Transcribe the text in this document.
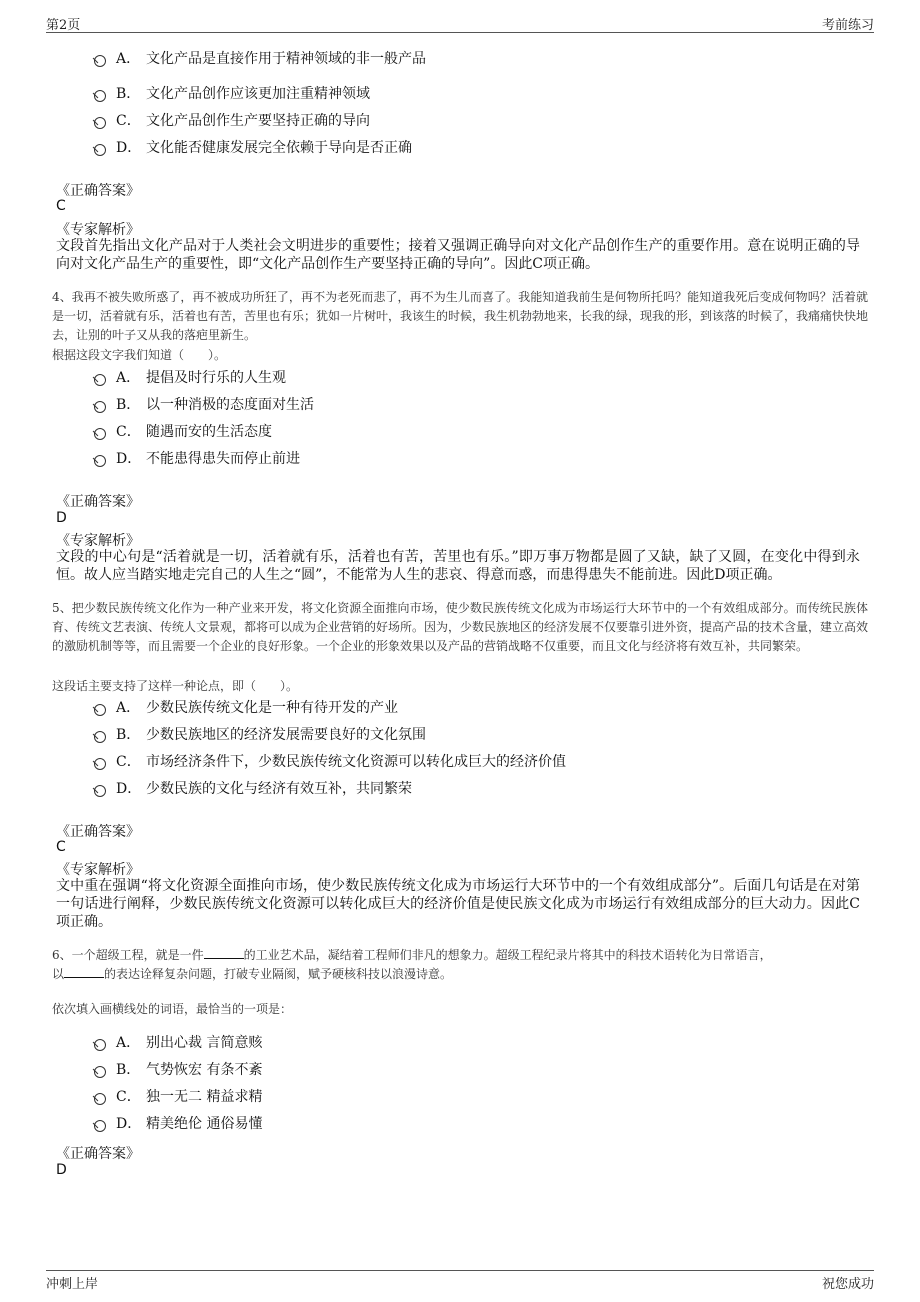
第2页	考前练习
A． 文化产品是直接作用于精神领域的非一般产品
B． 文化产品创作应该更加注重精神领域
C． 文化产品创作生产要坚持正确的导向
D． 文化能否健康发展完全依赖于导向是否正确
《正确答案》
C
《专家解析》
文段首先指出文化产品对于人类社会文明进步的重要性；接着又强调正确导向对文化产品创作生产的重要作用。意在说明正确的导向对文化产品生产的重要性，即“文化产品创作生产要坚持正确的导向”。因此C项正确。
4、我再不被失败所惑了，再不被成功所狂了，再不为老死而悲了，再不为生儿而喜了。我能知道我前生是何物所托吗？能知道我死后变成何物吗？活着就是一切，活着就有乐，活着也有苦，苦里也有乐；犹如一片树叶，我该生的时候，我生机勃勃地来，长我的绿，现我的形，到该落的时候了，我痛痛快快地去，让别的叶子又从我的落疤里新生。
根据这段文字我们知道（　　）。
A． 提倡及时行乐的人生观
B． 以一种消极的态度面对生活
C． 随遇而安的生活态度
D． 不能患得患失而停止前进
《正确答案》
D
《专家解析》
文段的中心句是“活着就是一切，活着就有乐，活着也有苦，苦里也有乐。”即万事万物都是圆了又缺，缺了又圆，在变化中得到永恒。故人应当踏实地走完自己的人生之“圆”，不能常为人生的悲哀、得意而惑，而患得患失不能前进。因此D项正确。
5、把少数民族传统文化作为一种产业来开发，将文化资源全面推向市场，使少数民族传统文化成为市场运行大环节中的一个有效组成部分。而传统民族体育、传统文艺表演、传统人文景观，都将可以成为企业营销的好场所。因为，少数民族地区的经济发展不仅要靠引进外资，提高产品的技术含量，建立高效的激励机制等等，而且需要一个企业的良好形象。一个企业的形象效果以及产品的营销战略不仅重要，而且文化与经济将有效互补，共同繁荣。
这段话主要支持了这样一种论点，即（　　）。
A． 少数民族传统文化是一种有待开发的产业
B． 少数民族地区的经济发展需要良好的文化氛围
C． 市场经济条件下，少数民族传统文化资源可以转化成巨大的经济价值
D． 少数民族的文化与经济有效互补，共同繁荣
《正确答案》
C
《专家解析》
文中重在强调“将文化资源全面推向市场，使少数民族传统文化成为市场运行大环节中的一个有效组成部分”。后面几句话是在对第一句话进行阐释，少数民族传统文化资源可以转化成巨大的经济价值是使民族文化成为市场运行有效组成部分的巨大动力。因此C项正确。
6、一个超级工程，就是一件	的工业艺术品，凝结着工程师们非凡的想象力。超级工程纪录片将其中的科技术语转化为日常语言，
以	的表达诠释复杂问题，打破专业隔阂，赋予硬核科技以浪漫诗意。
依次填入画横线处的词语，最恰当的一项是：
A． 别出心裁 言简意赅
B． 气势恢宏 有条不紊
C． 独一无二 精益求精
D． 精美绝伦 通俗易懂
《正确答案》
D
冲刺上岸	祝您成功
